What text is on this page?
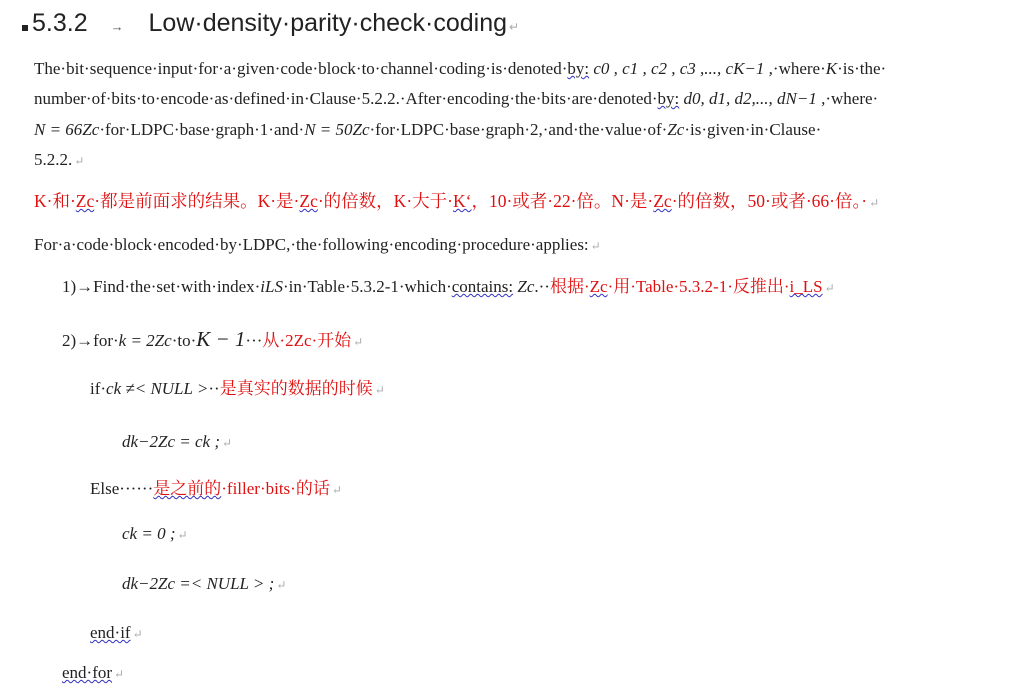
5.3.2 → Low·density·parity·check·coding ↵
The·bit·sequence·input·for·a·given·code·block·to·channel·coding·is·denoted·by: c0 , c1 , c2 , c3 ,..., cK−1 ,·where·K·is·the·
number·of·bits·to·encode·as·defined·in·Clause·5.2.2.·After·encoding·the·bits·are·denoted·by: d0, d1, d2,..., dN−1 ,·where·
N = 66Zc·for·LDPC·base·graph·1·and·N = 50Zc·for·LDPC·base·graph·2,·and·the·value·of·Zc·is·given·in·Clause·
5.2.2. ↵
K·和·Zc·都是前面求的结果。K·是·Zc·的倍数，K·大于·K‘，10·或者·22·倍。N·是·Zc·的倍数，50·或者·66·倍。· ↵
For·a·code·block·encoded·by·LDPC,·the·following·encoding·procedure·applies: ↵
1)→Find·the·set·with·index·iLS·in·Table·5.3.2-1·which·contains: Zc.··根据·Zc·用·Table·5.3.2-1·反推出·i_LS ↵
2)→for·k = 2Zc·to·K − 1···从·2Zc·开始 ↵
if·ck ≠< NULL >··是真实的数据的时候 ↵
dk−2Zc = ck ; ↵
Else······是之前的·filler·bits·的话 ↵
ck = 0 ; ↵
dk−2Zc =< NULL > ; ↵
end·if ↵
end·for ↵
